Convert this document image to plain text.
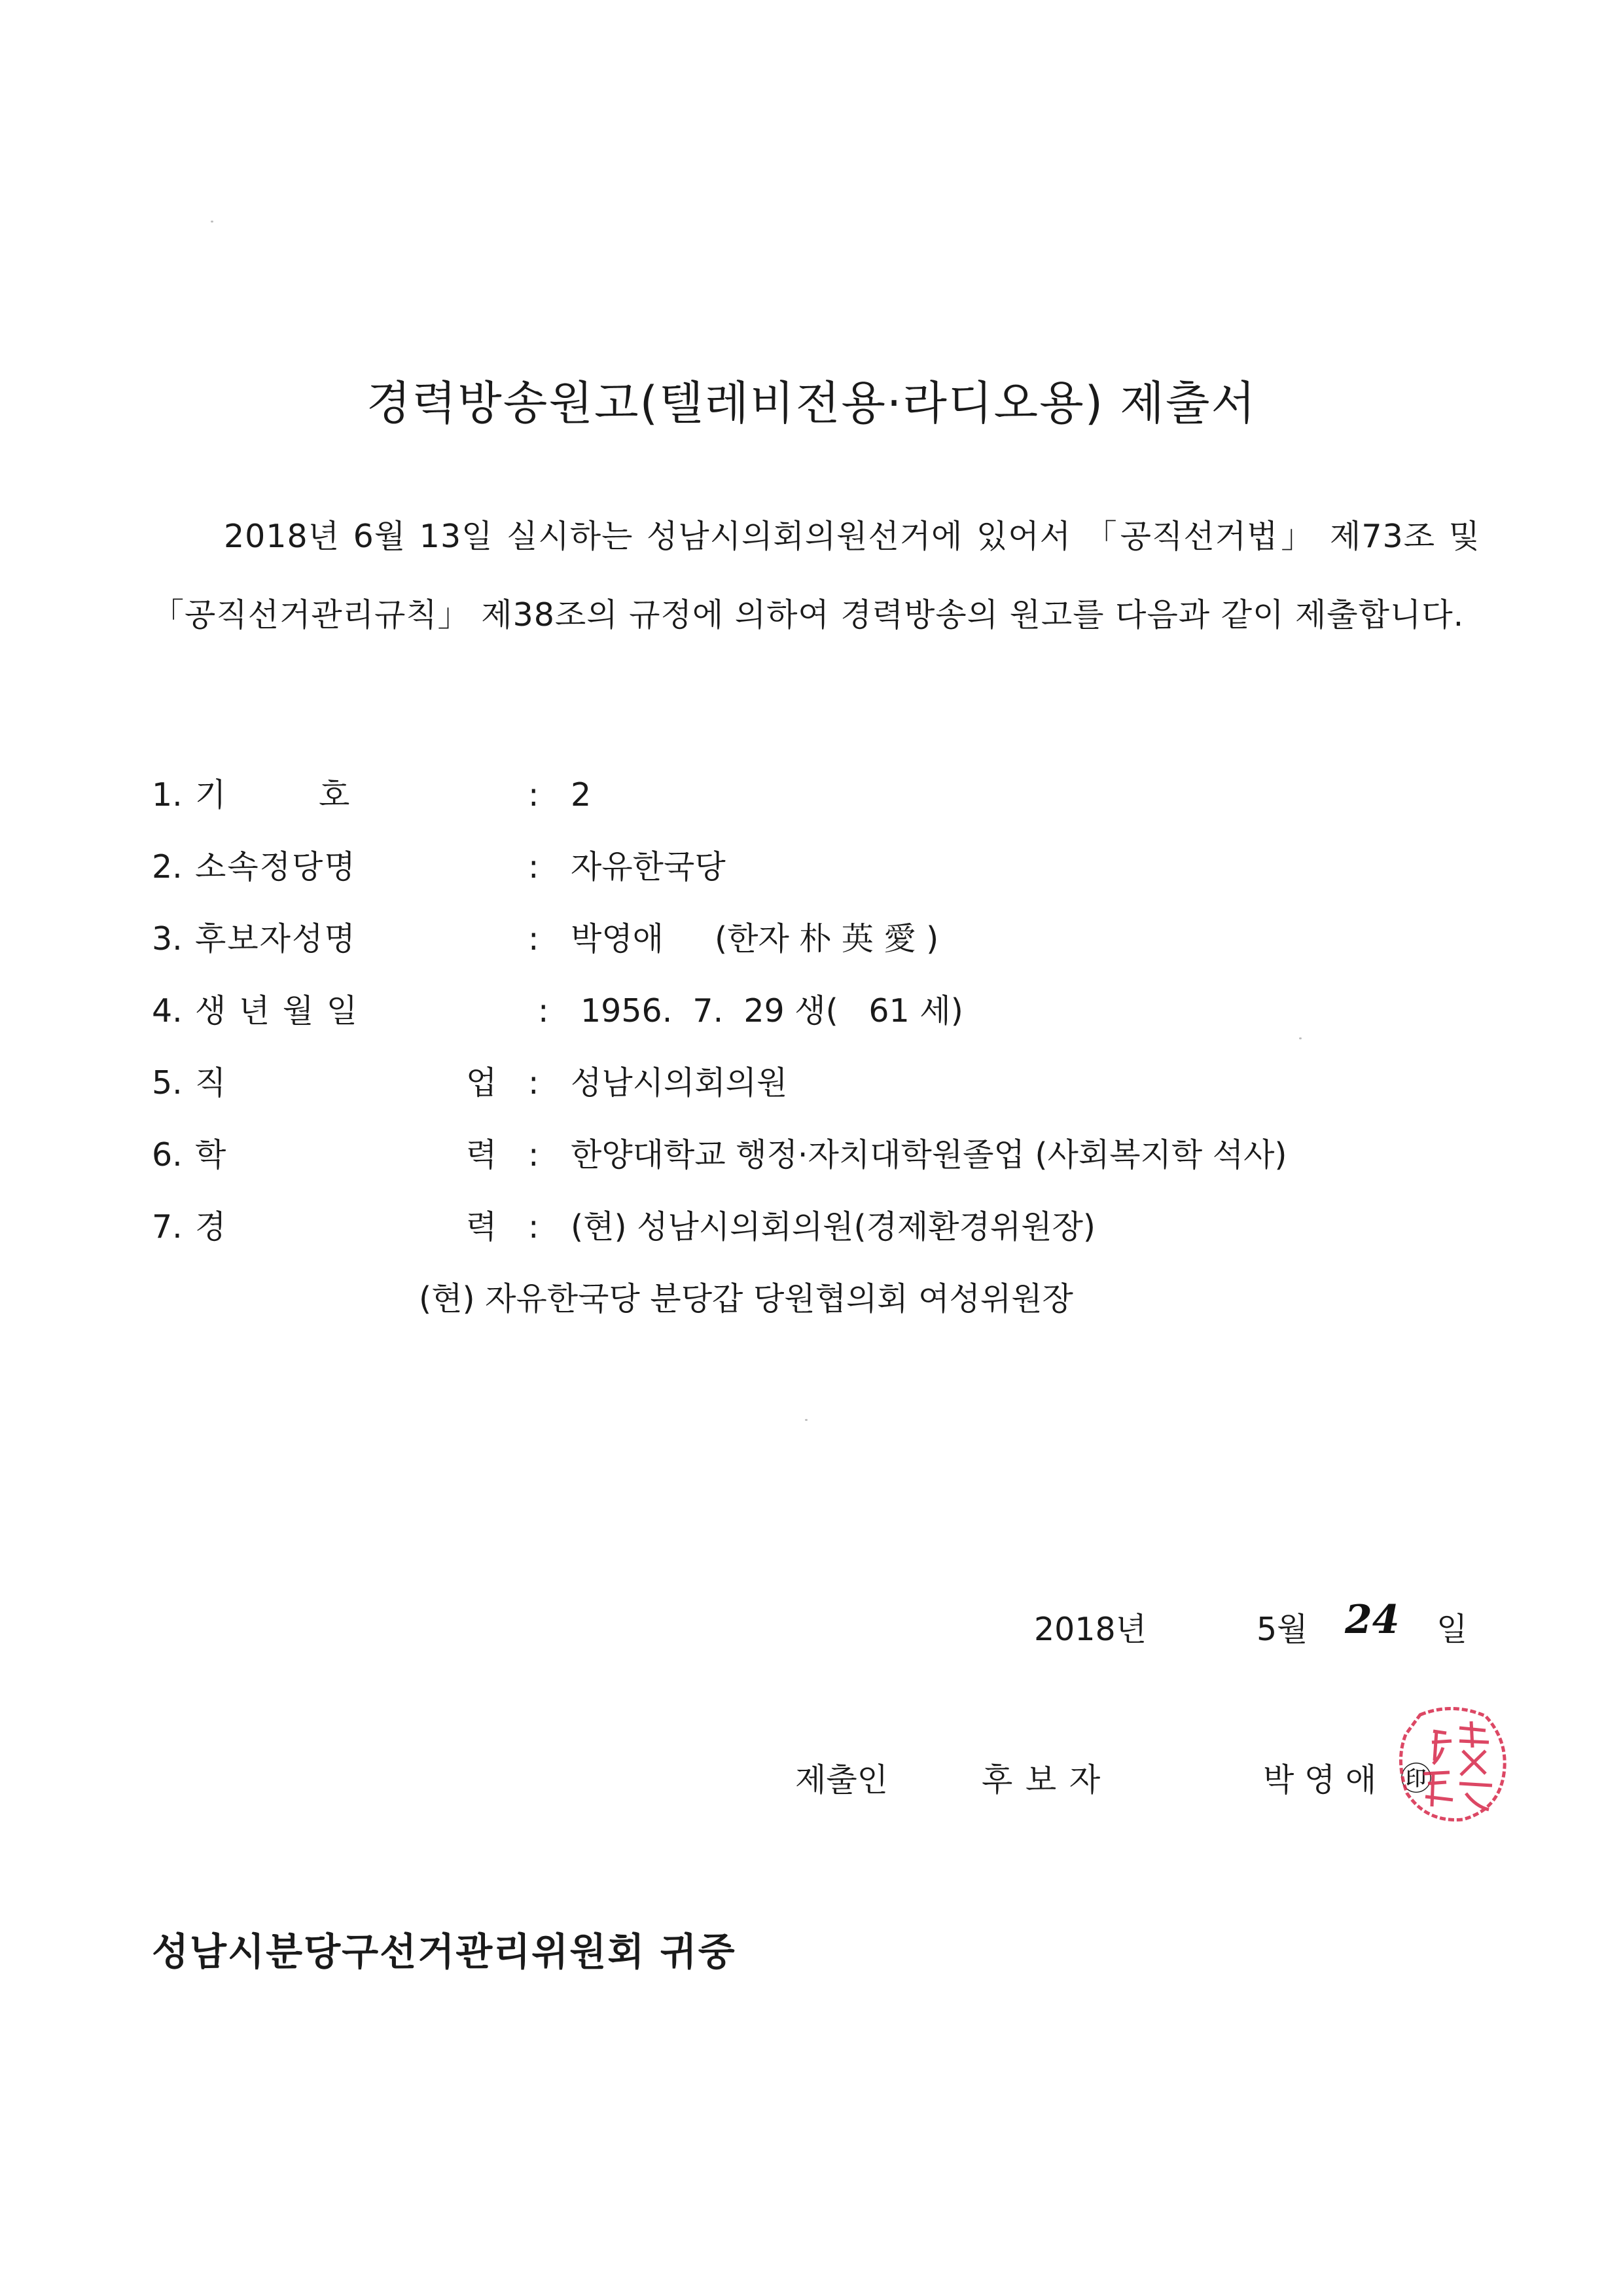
경력방송원고(텔레비전용·라디오용) 제출서
2018년 6월 13일 실시하는 성남시의회의원선거에 있어서 「공직선거법」 제73조 및 「공직선거관리규칙」 제38조의 규정에 의하여 경력방송의 원고를 다음과 같이 제출합니다.
1. 기	호	: 2
2. 소속정당명	: 자유한국당
3. 후보자성명	: 박영애 (한자 朴 英 愛 )
4. 생 년 월 일	: 1956.  7.  29 생(   61 세)
5. 직	업 : 성남시의회의원
6. 학	력 : 한양대학교 행정·자치대학원졸업 (사회복지학 석사)
7. 경	력 : (현) 성남시의회의원(경제환경위원장)
(현) 자유한국당 분당갑 당원협의회 여성위원장
2018년	5월 24 일
제출인	후 보 자	박 영 애 ㊞
성남시분당구선거관리위원회 귀중
